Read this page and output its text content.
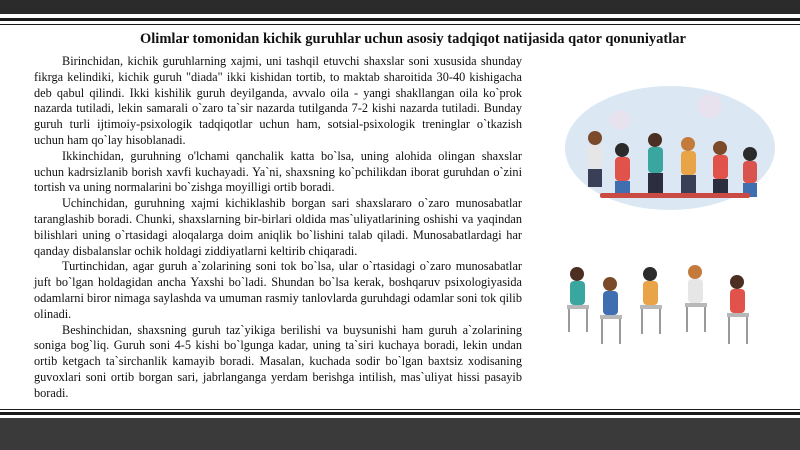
Olimlar tomonidan kichik guruhlar uchun asosiy tadqiqot natijasida qator qonuniyatlar

Birinchidan, kichik guruhlarning xajmi, uni tashqil etuvchi shaxslar soni xususida shunday fikrga kelindiki, kichik guruh "diada" ikki kishidan tortib, to maktab sharoitida 30-40 kishigacha deb qabul qilindi. Ikki kishilik guruh deyilganda, avvalo oila - yangi shakllangan oila ko`prok nazarda tutiladi, lekin samarali o`zaro ta`sir nazarda tutilganda 7-2 kishi nazarda tutiladi. Bunday guruh turli ijtimoiy-psixologik tadqiqotlar uchun ham, sotsial-psixologik treninglar o`tkazish uchun ham qo`lay hisoblanadi.

Ikkinchidan, guruhning o'lchami qanchalik katta bo`lsa, uning alohida olingan shaxslar uchun kadrsizlanib borish xavfi kuchayadi. Ya`ni, shaxsning ko`pchilikdan iborat guruhdan o`zini tortish va uning normalarini bo`zishga moyilligi ortib boradi.

Uchinchidan, guruhning xajmi kichiklashib borgan sari shaxslararo o`zaro munosabatlar taranglashib boradi. Chunki, shaxslarning bir-birlari oldida mas`uliyatlarining oshishi va yaqindan bilishlari uning o`rtasidagi aloqalarga doim aniqlik bo`lishini talab qiladi. Munosabatlardagi har qanday disbalanslar ochik holdagi ziddiyatlarni keltirib chiqaradi.

Turtinchidan, agar guruh a`zolarining soni tok bo`lsa, ular o`rtasidagi o`zaro munosabatlar juft bo`lgan holdagidan ancha Yaxshi bo`ladi. Shundan bo`lsa kerak, boshqaruv psixologiyasida odamlarni biror nimaga saylashda va umuman rasmiy tanlovlarda guruhdagi odamlar soni tok qilib olinadi.

Beshinchidan, shaxsning guruh taz`yikiga berilishi va buysunishi ham guruh a`zolarining soniga bog`liq. Guruh soni 4-5 kishi bo`lgunga kadar, uning ta`siri kuchaya boradi, lekin undan ortib ketgach ta`sirchanlik kamayib boradi. Masalan, kuchada sodir bo`lgan baxtsiz xodisaning guvoxlari soni ortib borgan sari, jabrlanganga yerdam berishga intilish, mas`uliyat hissi pasayib boradi.
